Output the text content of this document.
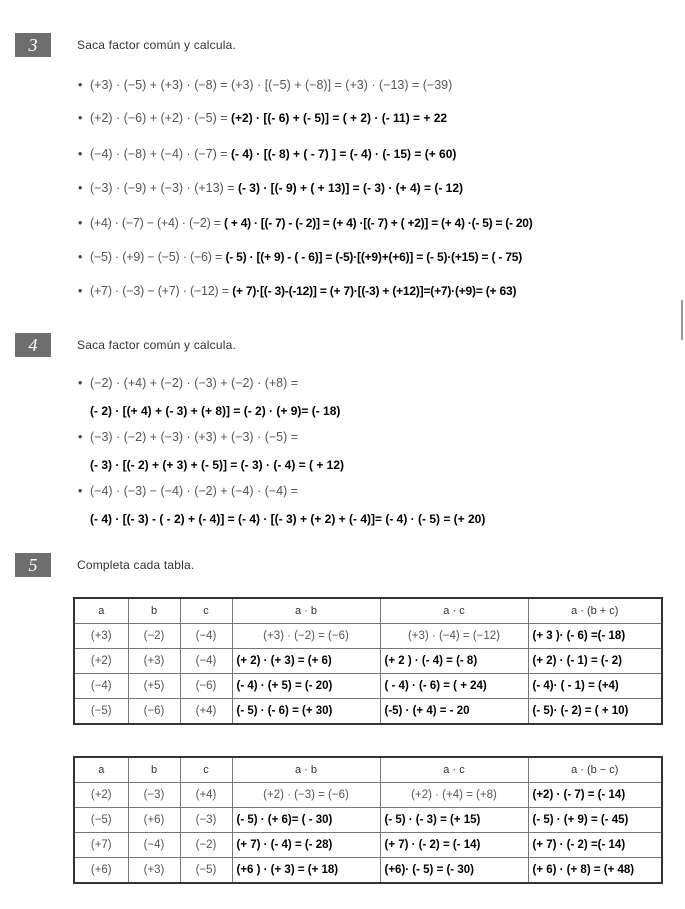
3	Saca factor común y calcula.
• (+3) · (−5) + (+3) · (−8) = (+3) · [(−5) + (−8)] = (+3) · (−13) = (−39)
• (+2) · (−6) + (+2) · (−5) = (+2) · [(- 6) + (- 5)] = ( + 2) · (- 11) = + 22
• (−4) · (−8) + (−4) · (−7) = (- 4) · [(- 8) + ( - 7) ] = (- 4) · (- 15) = (+ 60)
• (−3) · (−9) + (−3) · (+13) = (- 3) · [(- 9) + ( + 13)] = (- 3) · (+ 4) = (- 12)
• (+4) · (−7) − (+4) · (−2) = ( + 4) · [(- 7) - (- 2)] = (+ 4) ·[(- 7) + ( +2)] = (+ 4) ·(- 5) = (- 20)
• (−5) · (+9) − (−5) · (−6) = (- 5) · [(+ 9) - ( - 6)] = (-5)·[(+9)+(+6)] = (- 5)·(+15) = ( - 75)
• (+7) · (−3) − (+7) · (−12) = (+ 7)·[(- 3)-(-12)] = (+ 7)·[(-3) + (+12)]=(+7)·(+9)= (+ 63)
4	Saca factor común y calcula.
• (−2) · (+4) + (−2) · (−3) + (−2) · (+8) =
(- 2) · [(+ 4) + (- 3) + (+ 8)] = (- 2) · (+ 9)= (- 18)
• (−3) · (−2) + (−3) · (+3) + (−3) · (−5) =
(- 3) · [(- 2) + (+ 3) + (- 5)] = (- 3) · (- 4) = ( + 12)
• (−4) · (−3) − (−4) · (−2) + (−4) · (−4) =
(- 4) · [(- 3) - ( - 2) + (- 4)] = (- 4) · [(- 3) + (+ 2) + (- 4)]= (- 4) · (- 5) = (+ 20)
5	Completa cada tabla.
a	b	c	a · b	a · c	a · (b + c)
(+3)	(−2)	(−4)	(+3) · (−2) = (−6)	(+3) · (−4) = (−12)	(+ 3 )· (- 6) =(- 18)
(+2)	(+3)	(−4)	(+ 2) · (+ 3) = (+ 6)	(+ 2 ) · (- 4) = (- 8)	(+ 2) · (- 1) = (- 2)
(−4)	(+5)	(−6)	(- 4) · (+ 5) = (- 20)	( - 4) · (- 6) = ( + 24)	(- 4)· ( - 1) = (+4)
(−5)	(−6)	(+4)	(- 5) · (- 6) = (+ 30)	(-5) · (+ 4) = - 20	(- 5)· (- 2) = ( + 10)
a	b	c	a · b	a · c	a · (b − c)
(+2)	(−3)	(+4)	(+2) · (−3) = (−6)	(+2) · (+4) = (+8)	(+2) · (- 7) = (- 14)
(−5)	(+6)	(−3)	(- 5) · (+ 6)= ( - 30)	(- 5) · (- 3) = (+ 15)	(- 5) · (+ 9) = (- 45)
(+7)	(−4)	(−2)	(+ 7) · (- 4) = (- 28)	(+ 7) · (- 2) = (- 14)	(+ 7) · (- 2) =(- 14)
(+6)	(+3)	(−5)	(+6 ) · (+ 3) = (+ 18)	(+6)· (- 5) = (- 30)	(+ 6) · (+ 8) = (+ 48)
